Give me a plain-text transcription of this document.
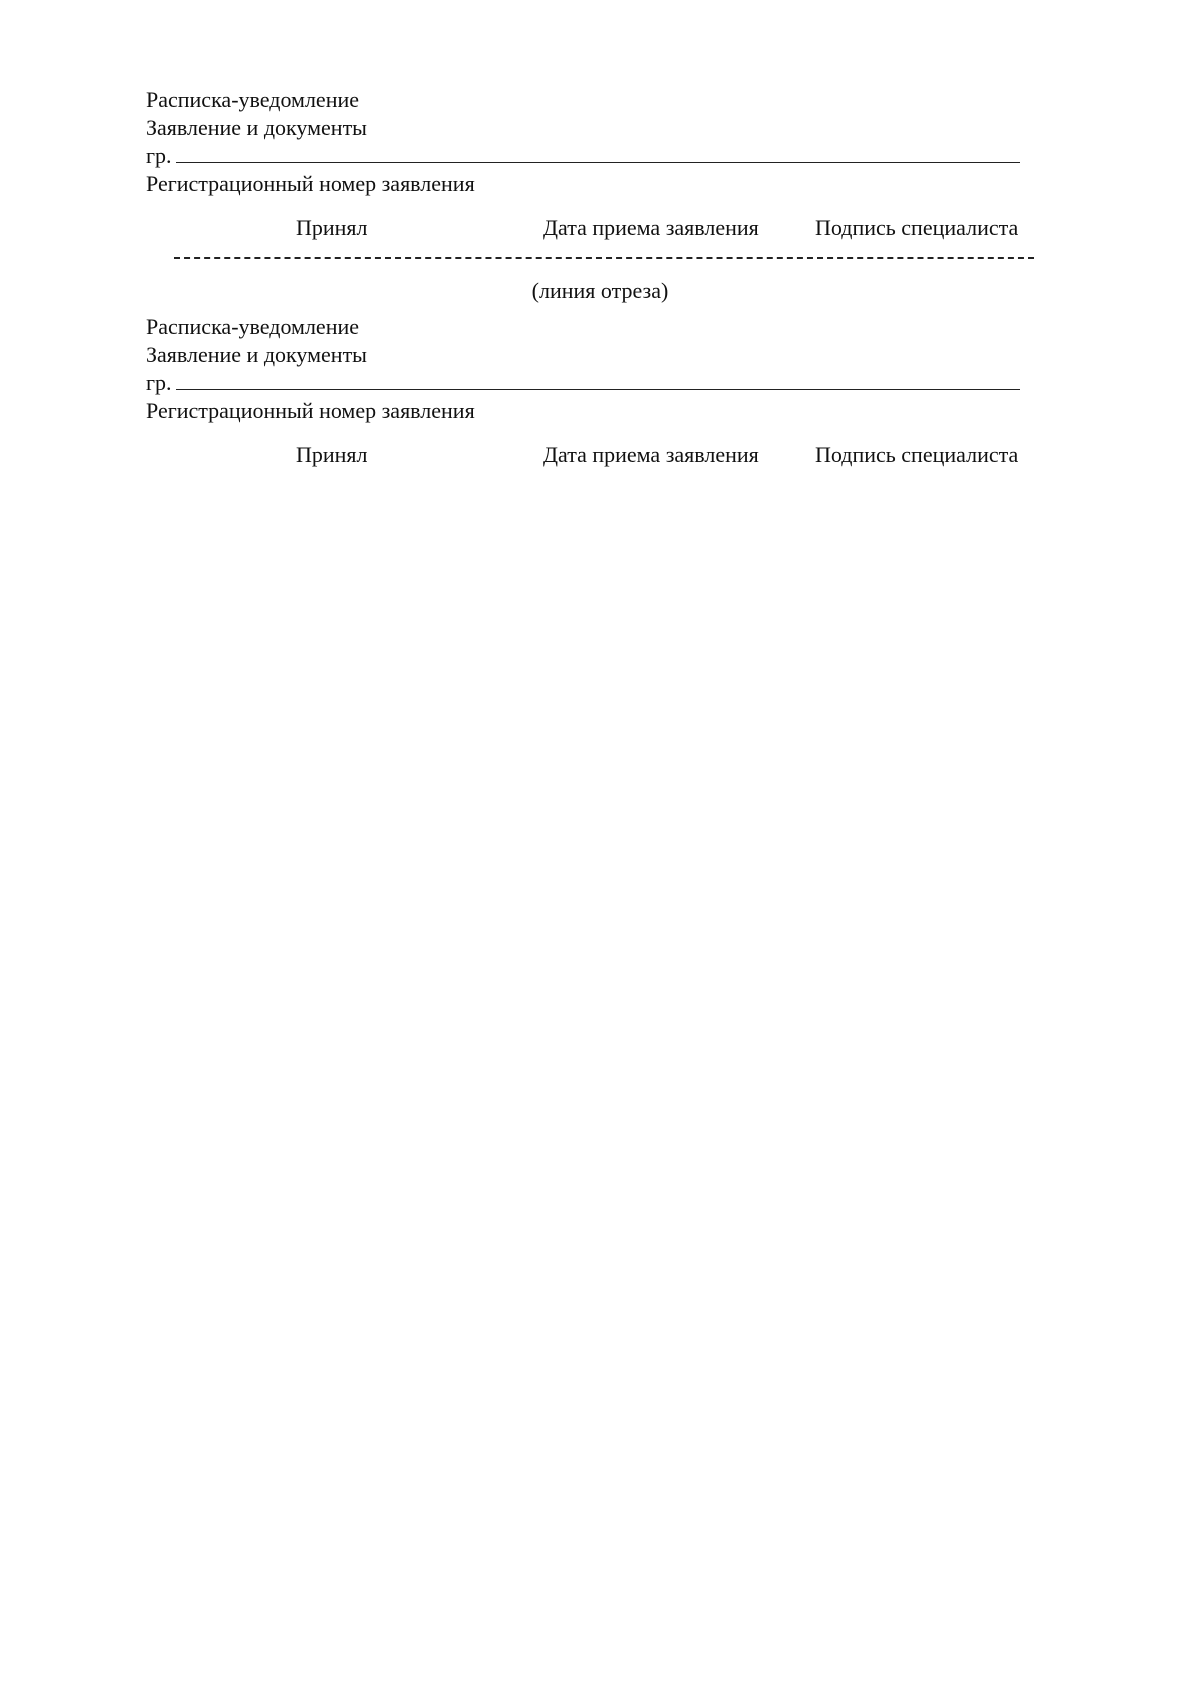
Расписка-уведомление
Заявление и документы
гр.
Регистрационный номер заявления
Принял	Дата приема заявления	Подпись специалиста
(линия отреза)
Расписка-уведомление
Заявление и документы
гр.
Регистрационный номер заявления
Принял	Дата приема заявления	Подпись специалиста
